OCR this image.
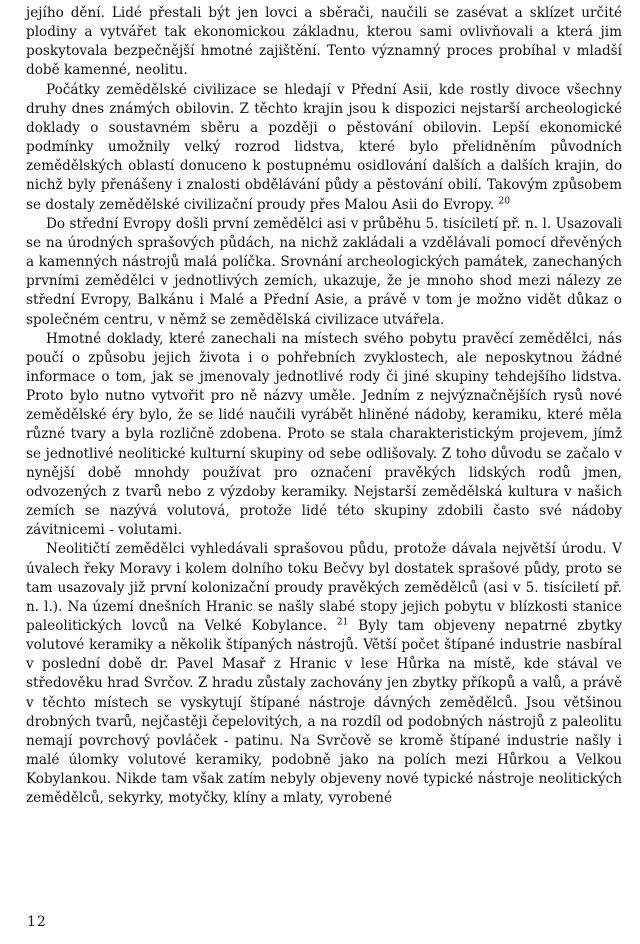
jejího dění. Lidé přestali být jen lovci a sběrači, naučili se zasévat a sklízet určité plodiny a vytvářet tak ekonomickou základnu, kterou sami ovlivňovali a která jim poskytovala bezpečnější hmotné zajištění. Tento významný proces probíhal v mladší době kamenné, neolitu.

Počátky zemědělské civilizace se hledají v Přední Asii, kde rostly divoce všechny druhy dnes známých obilovin. Z těchto krajin jsou k dispozici nejstarší archeologické doklady o soustavném sběru a později o pěstování obilovin. Lepší ekonomické podmínky umožnily velký rozrod lidstva, které bylo přelidněním původních zemědělských oblastí donuceno k postupnému osidlování dalších a dalších krajin, do nichž byly přenášeny i znalosti obdělávání půdy a pěstování obilí. Takovým způsobem se dostaly zemědělské civilizační proudy přes Malou Asii do Evropy. $^{20}$

Do střední Evropy došli první zemědělci asi v průběhu 5. tisíciletí př. n. l. Usazovali se na úrodných sprašových půdách, na nichž zakládali a vzdělávali pomocí dřevěných a kamenných nástrojů malá políčka. Srovnání archeologických památek, zanechaných prvními zemědělci v jednotlivých zemích, ukazuje, že je mnoho shod mezi nálezy ze střední Evropy, Balkánu i Malé a Přední Asie, a právě v tom je možno vidět důkaz o společném centru, v němž se zemědělská civilizace utvářela.

Hmotné doklady, které zanechali na místech svého pobytu pravěcí zemědělci, nás poučí o způsobu jejich života i o pohřebních zvyklostech, ale neposkytnou žádné informace o tom, jak se jmenovaly jednotlivé rody či jiné skupiny tehdejšího lidstva. Proto bylo nutno vytvořit pro ně názvy uměle. Jedním z nejvýznačnějších rysů nové zemědělské éry bylo, že se lidé naučili vyrábět hliněné nádoby, keramiku, které měla různé tvary a byla rozličně zdobena. Proto se stala charakteristickým projevem, jímž se jednotlivé neolitické kulturní skupiny od sebe odlišovaly. Z toho důvodu se začalo v nynější době mnohdy používat pro označení pravěkých lidských rodů jmen, odvozených z tvarů nebo z výzdoby keramiky. Nejstarší zemědělská kultura v našich zemích se nazývá volutová, protože lidé této skupiny zdobili často své nádoby závitnicemi - volutami.

Neolitičtí zemědělci vyhledávali sprašovou půdu, protože dávala největší úrodu. V úvalech řeky Moravy i kolem dolního toku Bečvy byl dostatek sprašové půdy, proto se tam usazovaly již první kolonizační proudy pravěkých zemědělců (asi v 5. tisíciletí př. n. l.). Na území dnešních Hranic se našly slabé stopy jejich pobytu v blízkosti stanice paleolitických lovců na Velké Kobylance. $^{21}$ Byly tam objeveny nepatrné zbytky volutové keramiky a několik štípaných nástrojů. Větší počet štípané industrie nasbíral v poslední době dr. Pavel Masař z Hranic v lese Hůrka na místě, kde stával ve středověku hrad Svrčov. Z hradu zůstaly zachovány jen zbytky příkopů a valů, a právě v těchto místech se vyskytují štípané nástroje dávných zemědělců. Jsou většinou drobných tvarů, nejčastěji čepelovitých, a na rozdíl od podobných nástrojů z paleolitu nemají povrchový povláček - patinu. Na Svrčově se kromě štípané industrie našly i malé úlomky volutové keramiky, podobně jako na polích mezi Hůrkou a Velkou Kobylankou. Nikde tam však zatím nebyly objeveny nové typické nástroje neolitických zemědělců, sekyrky, motyčky, klíny a mlaty, vyrobené

12
